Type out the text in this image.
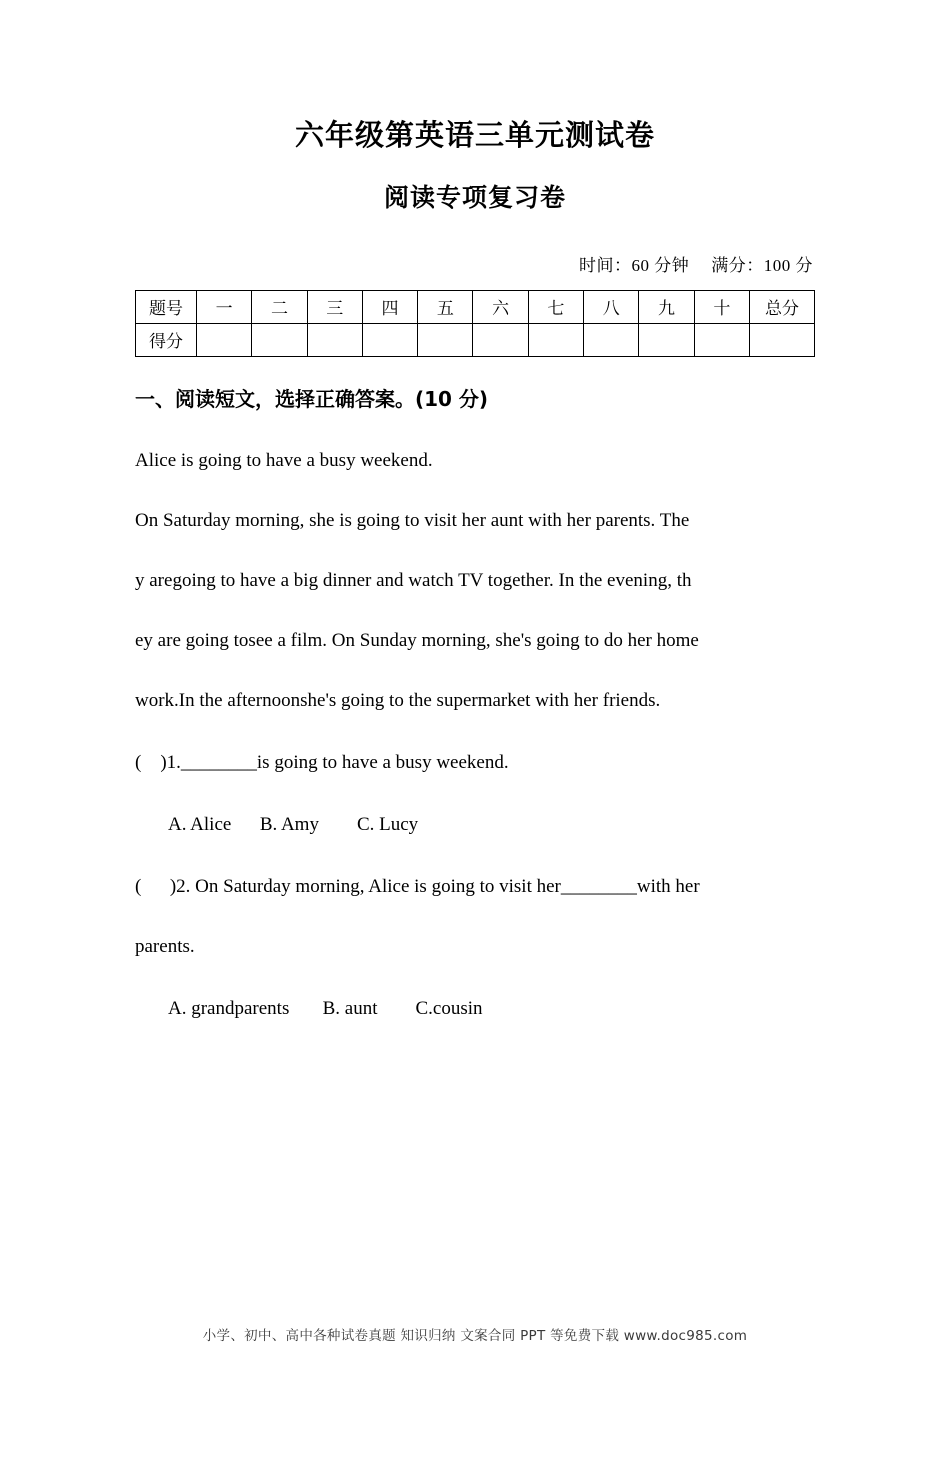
六年级第英语三单元测试卷
阅读专项复习卷
时间：60 分钟 满分：100 分
题号	一	二	三	四	五	六	七	八	九	十	总分
得分											
一、阅读短文，选择正确答案。(10 分)
Alice is going to have a busy weekend.
On Saturday morning, she is going to visit her aunt with her parents. The
y aregoing to have a big dinner and watch TV together. In the evening, th
ey are going tosee a film. On Sunday morning, she's going to do her home
work.In the afternoonshe's going to the supermarket with her friends.
(    )1.________is going to have a busy weekend.
A. Alice      B. Amy        C. Lucy
(      )2. On Saturday morning, Alice is going to visit her________with her
parents.
A. grandparents       B. aunt        C.cousin
小学、初中、高中各种试卷真题 知识归纳 文案合同 PPT 等免费下载 www.doc985.com
